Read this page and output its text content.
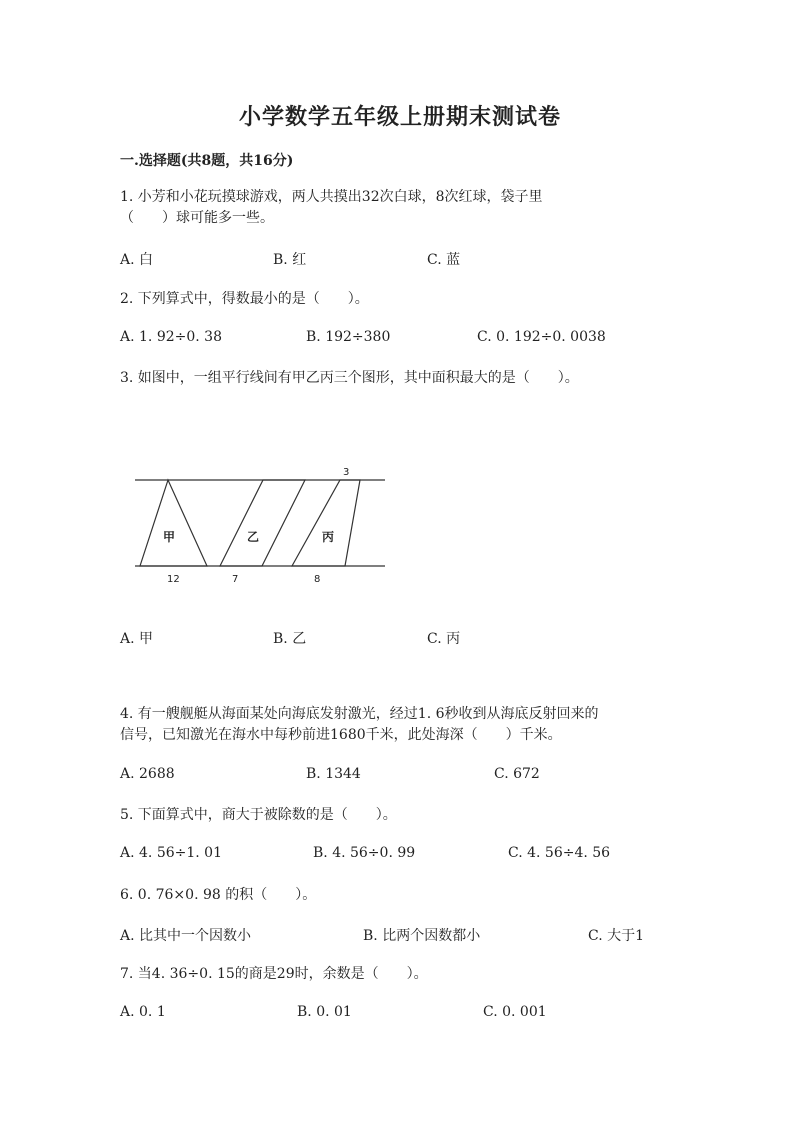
小学数学五年级上册期末测试卷
一.选择题(共8题，共16分)
1. 小芳和小花玩摸球游戏，两人共摸出32次白球，8次红球，袋子里
（　　）球可能多一些。
A. 白	B. 红	C. 蓝
2. 下列算式中，得数最小的是（　　）。
A. 1. 92÷0. 38	B. 192÷380	C. 0. 192÷0. 0038
3. 如图中，一组平行线间有甲乙丙三个图形，其中面积最大的是（　　）。
甲	乙	丙
3
12	7	8
A. 甲	B. 乙	C. 丙
4. 有一艘舰艇从海面某处向海底发射激光，经过1. 6秒收到从海底反射回来的
信号，已知激光在海水中每秒前进1680千米，此处海深（　　）千米。
A. 2688	B. 1344	C. 672
5. 下面算式中，商大于被除数的是（　　）。
A. 4. 56÷1. 01	B. 4. 56÷0. 99	C. 4. 56÷4. 56
6. 0. 76×0. 98 的积（　　）。
A. 比其中一个因数小	B. 比两个因数都小	C. 大于1
7. 当4. 36÷0. 15的商是29时，余数是（　　）。
A. 0. 1	B. 0. 01	C. 0. 001
